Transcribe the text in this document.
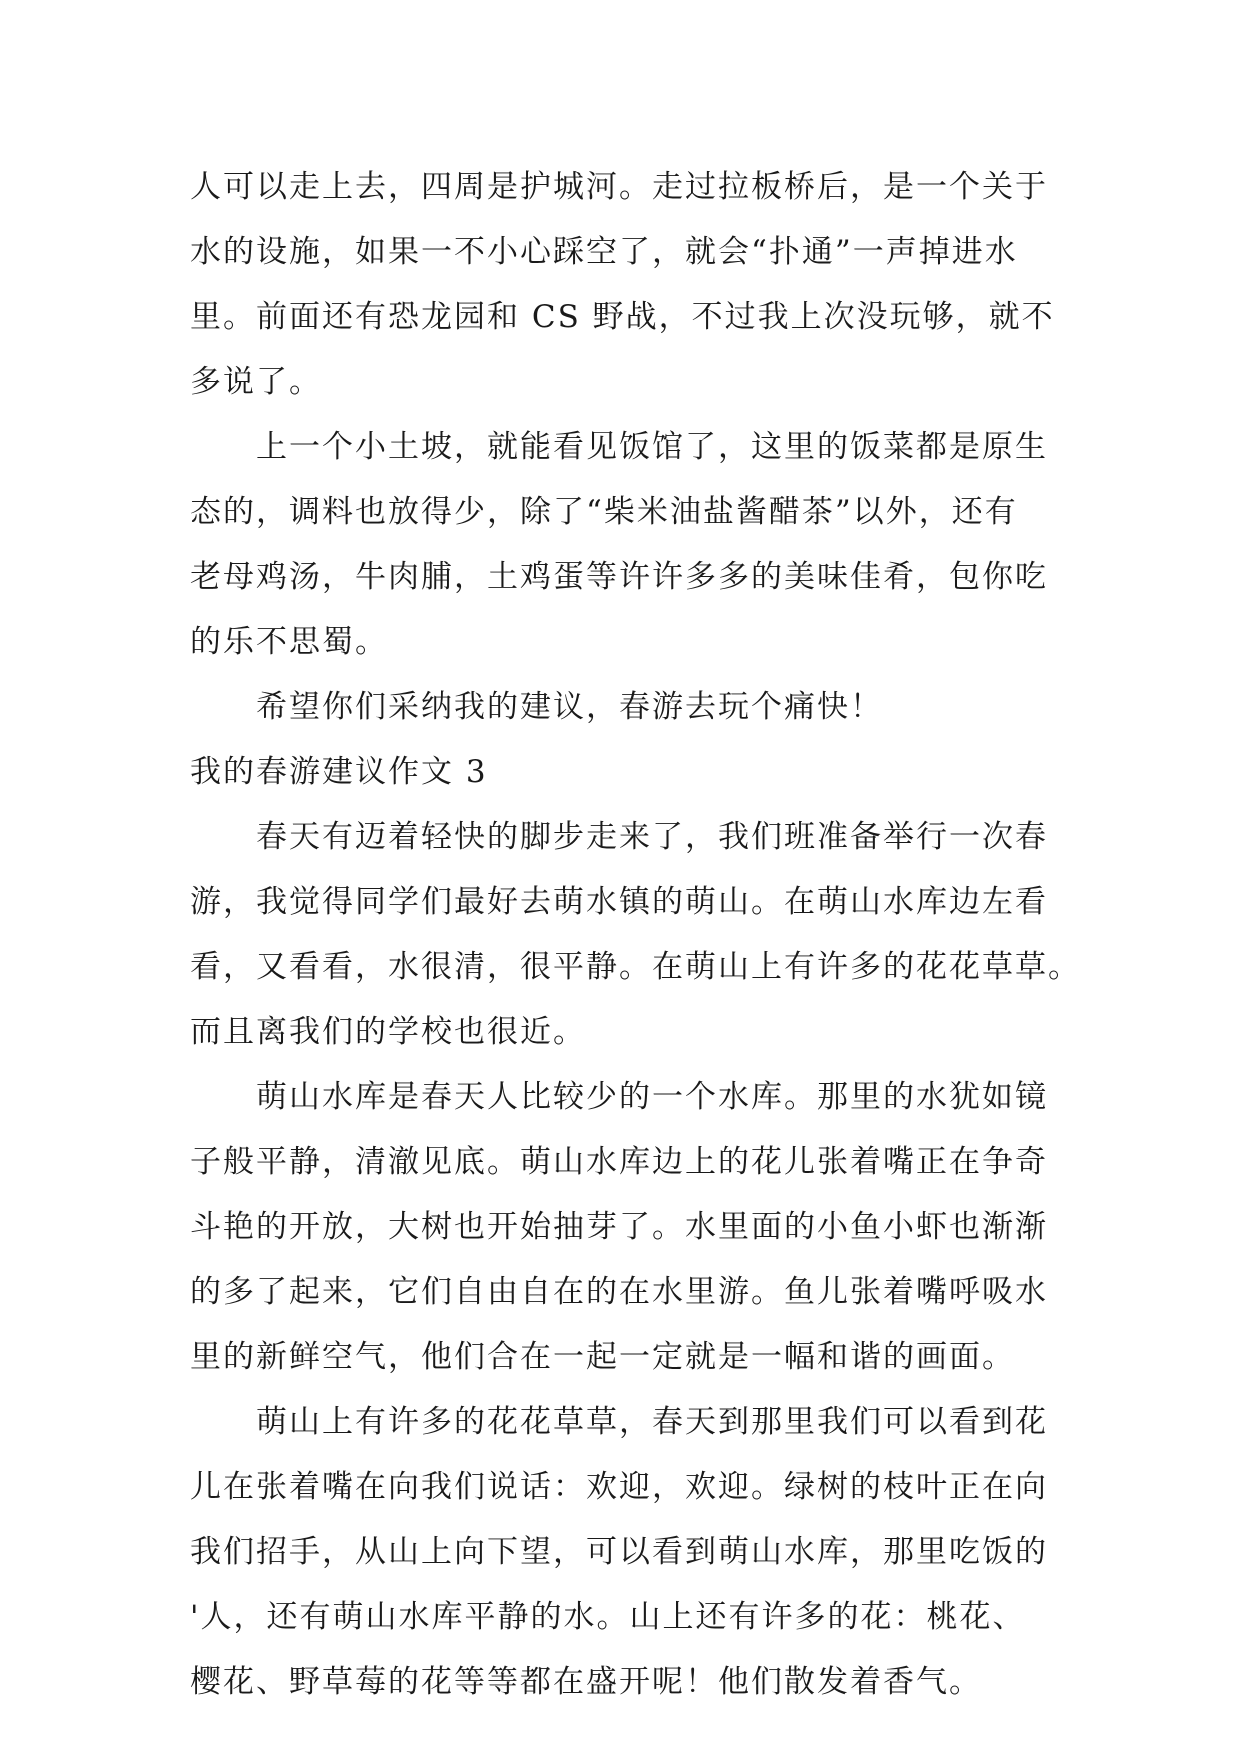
人可以走上去，四周是护城河。走过拉板桥后，是一个关于
水的设施，如果一不小心踩空了，就会“扑通”一声掉进水
里。前面还有恐龙园和 CS 野战，不过我上次没玩够，就不
多说了。
上一个小土坡，就能看见饭馆了，这里的饭菜都是原生
态的，调料也放得少，除了“柴米油盐酱醋茶”以外，还有
老母鸡汤，牛肉脯，土鸡蛋等许许多多的美味佳肴，包你吃
的乐不思蜀。
希望你们采纳我的建议，春游去玩个痛快！
我的春游建议作文 3
春天有迈着轻快的脚步走来了，我们班准备举行一次春
游，我觉得同学们最好去萌水镇的萌山。在萌山水库边左看
看，又看看，水很清，很平静。在萌山上有许多的花花草草。
而且离我们的学校也很近。
萌山水库是春天人比较少的一个水库。那里的水犹如镜
子般平静，清澈见底。萌山水库边上的花儿张着嘴正在争奇
斗艳的开放，大树也开始抽芽了。水里面的小鱼小虾也渐渐
的多了起来，它们自由自在的在水里游。鱼儿张着嘴呼吸水
里的新鲜空气，他们合在一起一定就是一幅和谐的画面。
萌山上有许多的花花草草，春天到那里我们可以看到花
儿在张着嘴在向我们说话：欢迎，欢迎。绿树的枝叶正在向
我们招手，从山上向下望，可以看到萌山水库，那里吃饭的
'人，还有萌山水库平静的水。山上还有许多的花：桃花、
樱花、野草莓的花等等都在盛开呢！他们散发着香气。
